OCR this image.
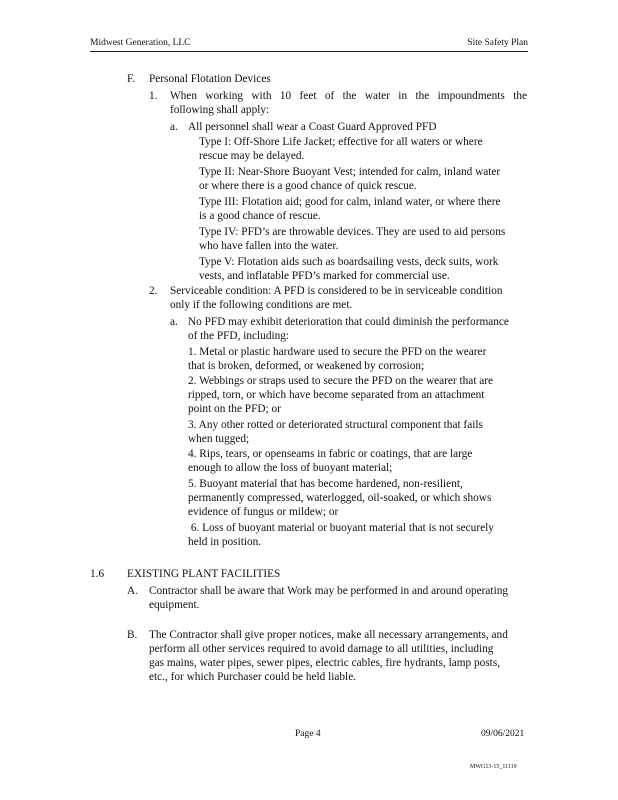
Midwest Generation, LLC	Site Safety Plan
F. Personal Flotation Devices
1. When working with 10 feet of the water in the impoundments the
following shall apply:
a. All personnel shall wear a Coast Guard Approved PFD
Type I: Off-Shore Life Jacket; effective for all waters or where
rescue may be delayed.
Type II: Near-Shore Buoyant Vest; intended for calm, inland water
or where there is a good chance of quick rescue.
Type III: Flotation aid; good for calm, inland water, or where there
is a good chance of rescue.
Type IV: PFD’s are throwable devices. They are used to aid persons
who have fallen into the water.
Type V: Flotation aids such as boardsailing vests, deck suits, work
vests, and inflatable PFD’s marked for commercial use.
2. Serviceable condition: A PFD is considered to be in serviceable condition
only if the following conditions are met.
a. No PFD may exhibit deterioration that could diminish the performance
of the PFD, including:
1. Metal or plastic hardware used to secure the PFD on the wearer
that is broken, deformed, or weakened by corrosion;
2. Webbings or straps used to secure the PFD on the wearer that are
ripped, torn, or which have become separated from an attachment
point on the PFD; or
3. Any other rotted or deteriorated structural component that fails
when tugged;
4. Rips, tears, or openseams in fabric or coatings, that are large
enough to allow the loss of buoyant material;
5. Buoyant material that has become hardened, non-resilient,
permanently compressed, waterlogged, oil-soaked, or which shows
evidence of fungus or mildew; or
6. Loss of buoyant material or buoyant material that is not securely
held in position.
1.6 EXISTING PLANT FACILITIES
A. Contractor shall be aware that Work may be performed in and around operating
equipment.
B. The Contractor shall give proper notices, make all necessary arrangements, and
perform all other services required to avoid damage to all utilities, including
gas mains, water pipes, sewer pipes, electric cables, fire hydrants, lamp posts,
etc., for which Purchaser could be held liable.
Page 4	09/06/2021
MWG13-15_11119
